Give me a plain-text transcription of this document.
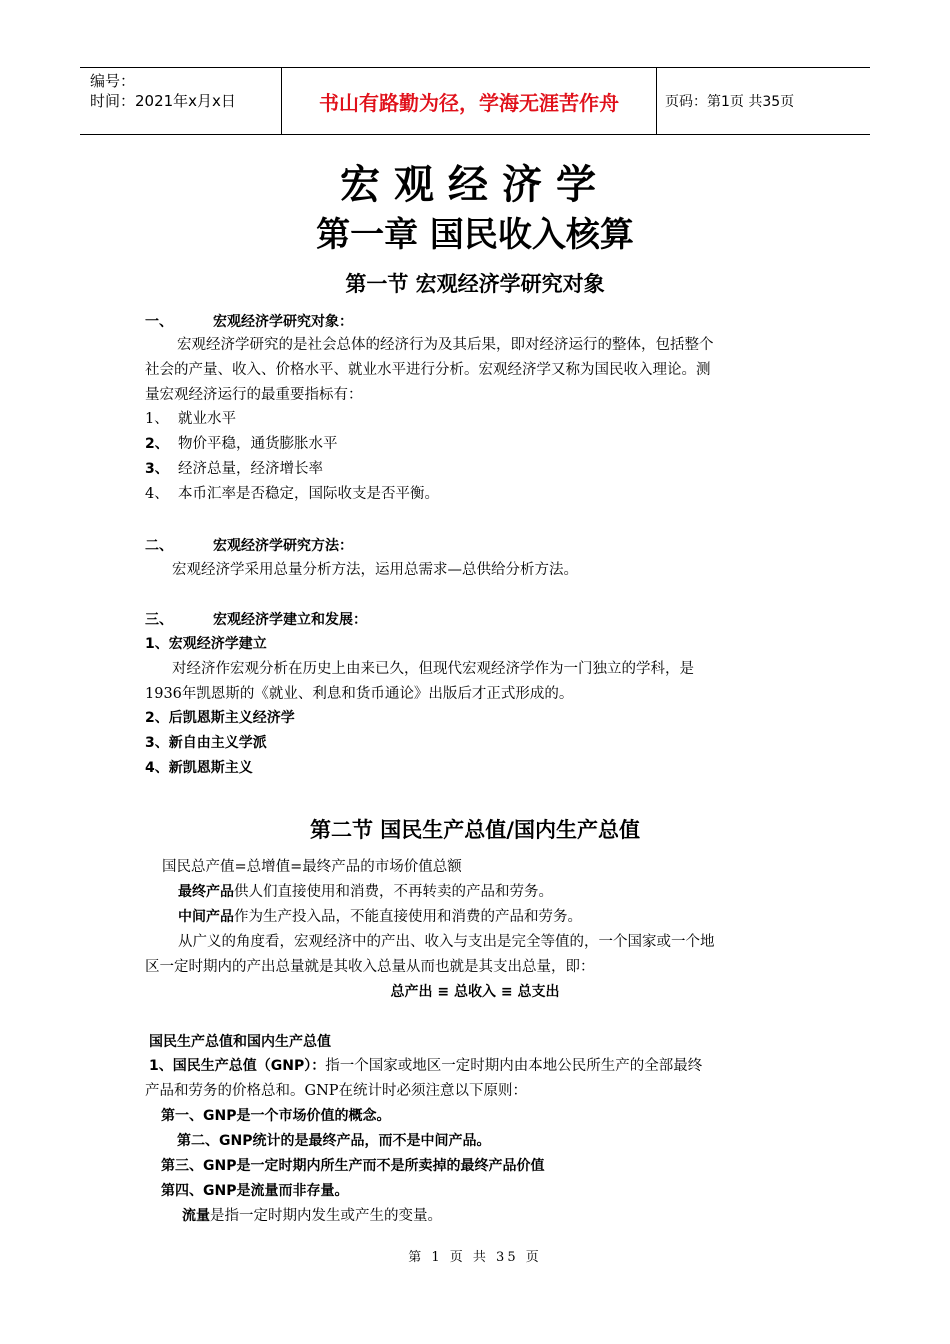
编号：
时间：2021年x月x日	书山有路勤为径，学海无涯苦作舟	页码：第1页 共35页
宏观经济学
第一章 国民收入核算
第一节 宏观经济学研究对象
一、	宏观经济学研究对象：
宏观经济学研究的是社会总体的经济行为及其后果，即对经济运行的整体，包括整个
社会的产量、收入、价格水平、就业水平进行分析。宏观经济学又称为国民收入理论。测
量宏观经济运行的最重要指标有：
1、 就业水平
2、 物价平稳，通货膨胀水平
3、 经济总量，经济增长率
4、 本币汇率是否稳定，国际收支是否平衡。
二、	宏观经济学研究方法：
宏观经济学采用总量分析方法，运用总需求—总供给分析方法。
三、	宏观经济学建立和发展：
1、宏观经济学建立
对经济作宏观分析在历史上由来已久，但现代宏观经济学作为一门独立的学科，是
1936年凯恩斯的《就业、利息和货币通论》出版后才正式形成的。
2、后凯恩斯主义经济学
3、新自由主义学派
4、新凯恩斯主义
第二节 国民生产总值/国内生产总值
国民总产值=总增值=最终产品的市场价值总额
最终产品供人们直接使用和消费，不再转卖的产品和劳务。
中间产品作为生产投入品，不能直接使用和消费的产品和劳务。
从广义的角度看，宏观经济中的产出、收入与支出是完全等值的，一个国家或一个地
区一定时期内的产出总量就是其收入总量从而也就是其支出总量，即：
总产出 ≡ 总收入 ≡ 总支出
国民生产总值和国内生产总值
1、国民生产总值（GNP）：指一个国家或地区一定时期内由本地公民所生产的全部最终
产品和劳务的价格总和。GNP在统计时必须注意以下原则：
第一、GNP是一个市场价值的概念。
第二、GNP统计的是最终产品，而不是中间产品。
第三、GNP是一定时期内所生产而不是所卖掉的最终产品价值
第四、GNP是流量而非存量。
流量是指一定时期内发生或产生的变量。
第 1 页 共 35 页
